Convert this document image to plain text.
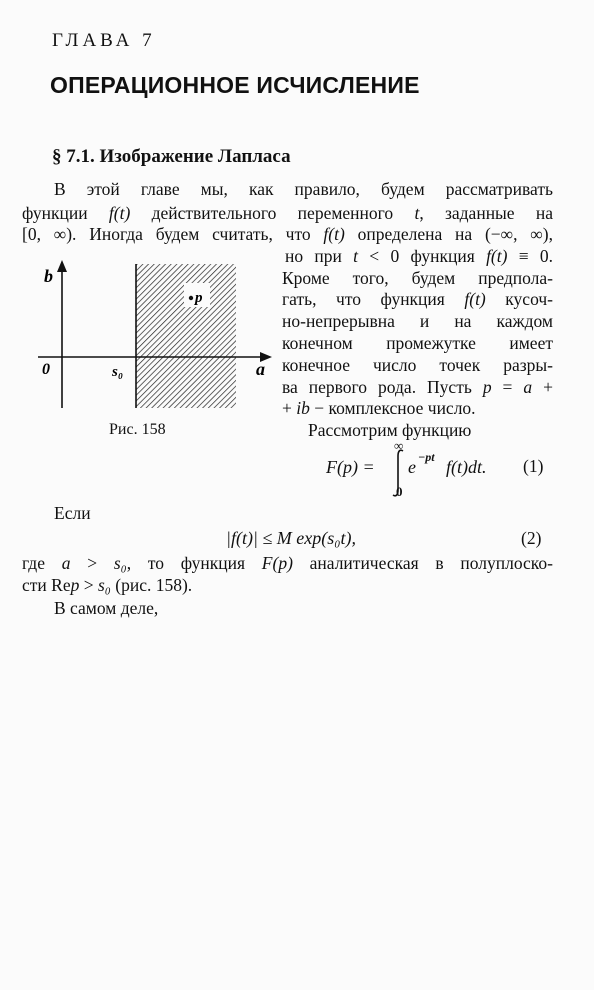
ГЛАВА 7
ОПЕРАЦИОННОЕ ИСЧИСЛЕНИЕ
§ 7.1. Изображение Лапласа
В этой главе мы, как правило, будем рассматривать
функции f(t) действительного переменного t, заданные на
[0, ∞). Иногда будем считать, что f(t) определена на (−∞, ∞),
но при t < 0 функция f(t) ≡ 0.
Кроме того, будем предпола-
гать, что функция f(t) кусоч-
но-непрерывна и на каждом
конечном промежутке имеет
конечное число точек разры-
ва первого рода. Пусть p = a +
+ ib − комплексное число.
Рассмотрим функцию
p
b
a
0	s₀
Рис. 158
F(p) =
∞
0
e −pt f(t)dt. (1)
Если
|f(t)| ≤ M exp(s₀t),	(2)
где a > s₀, то функция F(p) аналитическая в полуплоско-
сти Rep > s₀ (рис. 158).
В самом деле,
